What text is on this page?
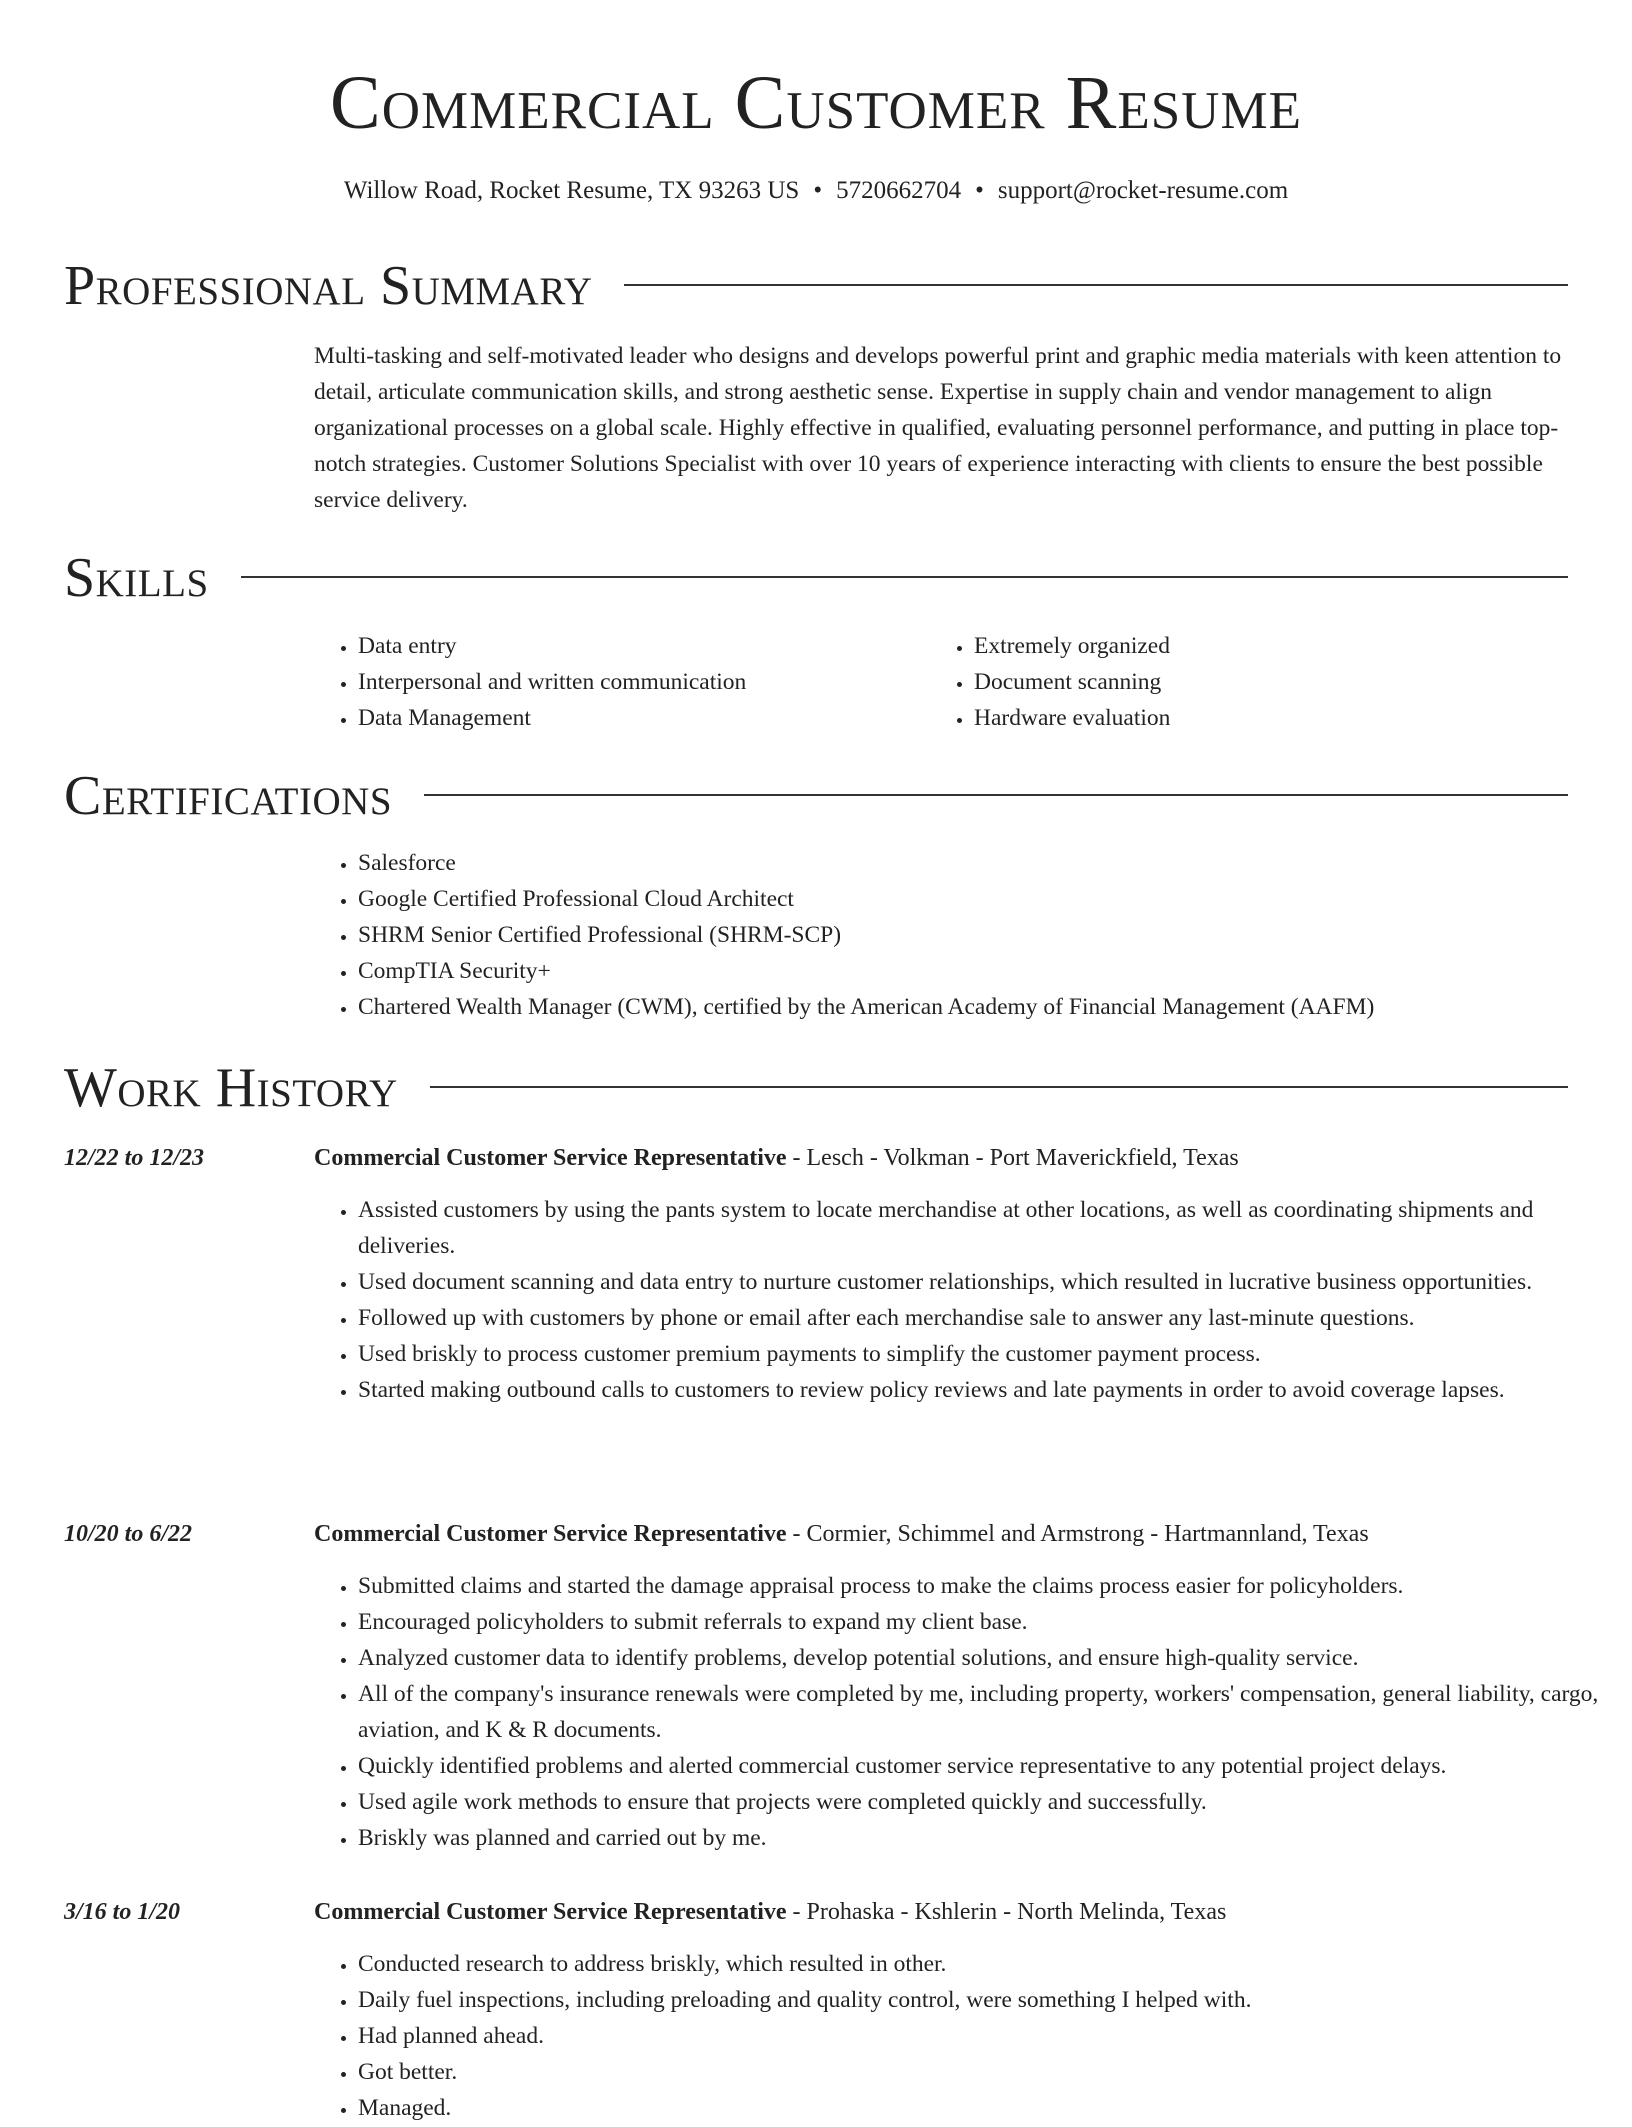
Commercial Customer Resume
Willow Road, Rocket Resume, TX 93263 US • 5720662704 • support@rocket-resume.com
Professional Summary

Multi-tasking and self-motivated leader who designs and develops powerful print and graphic media materials with keen attention to detail, articulate communication skills, and strong aesthetic sense. Expertise in supply chain and vendor management to align organizational processes on a global scale. Highly effective in qualified, evaluating personnel performance, and putting in place top-notch strategies. Customer Solutions Specialist with over 10 years of experience interacting with clients to ensure the best possible service delivery.

Skills
• Data entry
• Interpersonal and written communication
• Data Management
• Extremely organized
• Document scanning
• Hardware evaluation
Certifications
• Salesforce
• Google Certified Professional Cloud Architect
• SHRM Senior Certified Professional (SHRM-SCP)
• CompTIA Security+
• Chartered Wealth Manager (CWM), certified by the American Academy of Financial Management (AAFM)
Work History
12/22 to 12/23	Commercial Customer Service Representative - Lesch - Volkman - Port Maverickfield, Texas
• Assisted customers by using the pants system to locate merchandise at other locations, as well as coordinating shipments and deliveries.
• Used document scanning and data entry to nurture customer relationships, which resulted in lucrative business opportunities.
• Followed up with customers by phone or email after each merchandise sale to answer any last-minute questions.
• Used briskly to process customer premium payments to simplify the customer payment process.
• Started making outbound calls to customers to review policy reviews and late payments in order to avoid coverage lapses.
10/20 to 6/22	Commercial Customer Service Representative - Cormier, Schimmel and Armstrong - Hartmannland, Texas
• Submitted claims and started the damage appraisal process to make the claims process easier for policyholders.
• Encouraged policyholders to submit referrals to expand my client base.
• Analyzed customer data to identify problems, develop potential solutions, and ensure high-quality service.
• All of the company's insurance renewals were completed by me, including property, workers' compensation, general liability, cargo, aviation, and K & R documents.
• Quickly identified problems and alerted commercial customer service representative to any potential project delays.
• Used agile work methods to ensure that projects were completed quickly and successfully.
• Briskly was planned and carried out by me.
3/16 to 1/20	Commercial Customer Service Representative - Prohaska - Kshlerin - North Melinda, Texas
• Conducted research to address briskly, which resulted in other.
• Daily fuel inspections, including preloading and quality control, were something I helped with.
• Had planned ahead.
• Got better.
• Managed.
